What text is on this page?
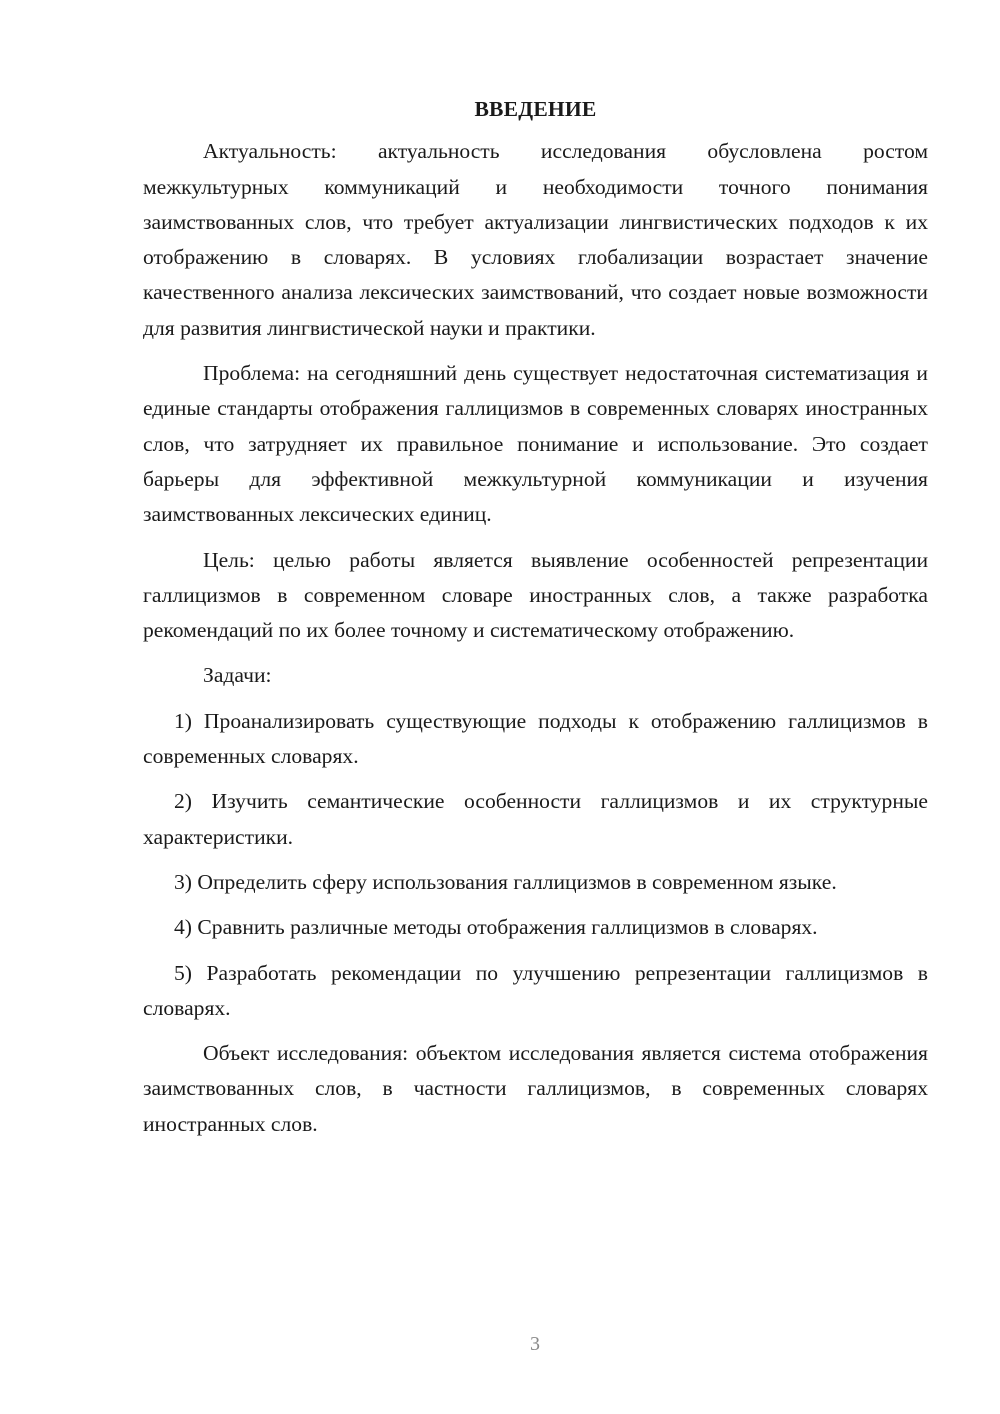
ВВЕДЕНИЕ

Актуальность: актуальность исследования обусловлена ростом межкультурных коммуникаций и необходимости точного понимания заимствованных слов, что требует актуализации лингвистических подходов к их отображению в словарях. В условиях глобализации возрастает значение качественного анализа лексических заимствований, что создает новые возможности для развития лингвистической науки и практики.

Проблема: на сегодняшний день существует недостаточная систематизация и единые стандарты отображения галлицизмов в современных словарях иностранных слов, что затрудняет их правильное понимание и использование. Это создает барьеры для эффективной межкультурной коммуникации и изучения заимствованных лексических единиц.

Цель: целью работы является выявление особенностей репрезентации галлицизмов в современном словаре иностранных слов, а также разработка рекомендаций по их более точному и систематическому отображению.

Задачи:

1) Проанализировать существующие подходы к отображению галлицизмов в современных словарях.

2) Изучить семантические особенности галлицизмов и их структурные характеристики.

3) Определить сферу использования галлицизмов в современном языке.

4) Сравнить различные методы отображения галлицизмов в словарях.

5) Разработать рекомендации по улучшению репрезентации галлицизмов в словарях.

Объект исследования: объектом исследования является система отображения заимствованных слов, в частности галлицизмов, в современных словарях иностранных слов.

3
